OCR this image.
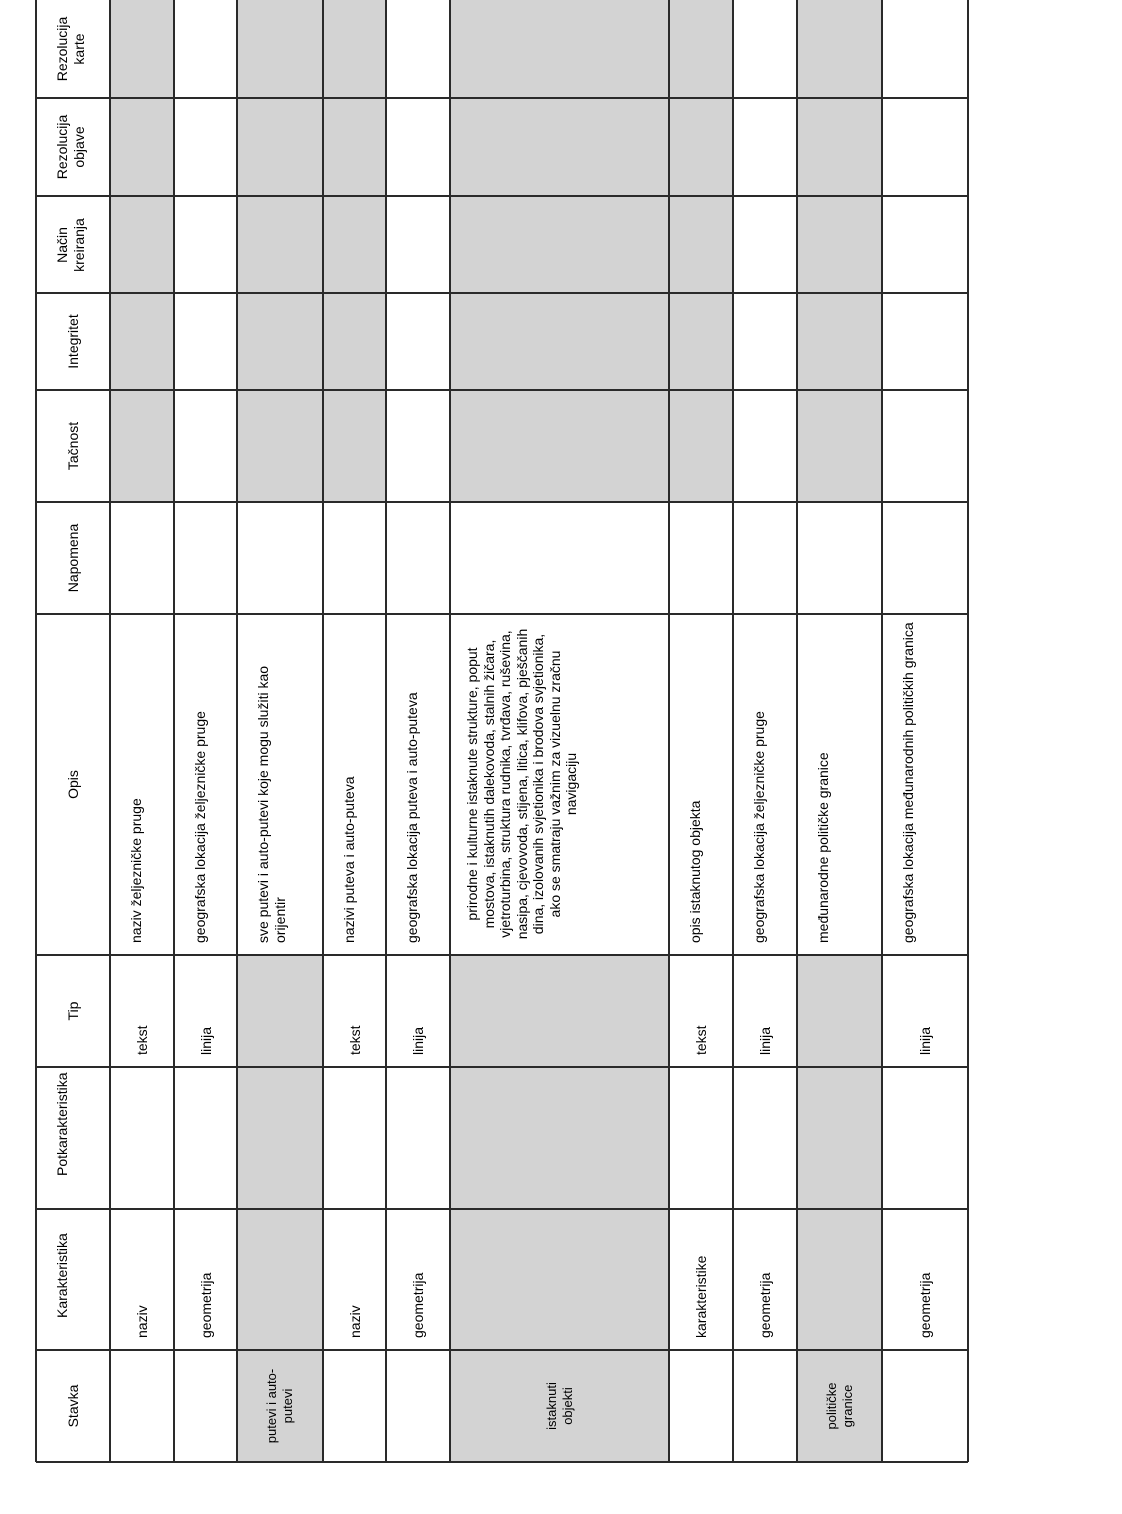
Stavka
Karakteristika
Potkarakteristika
Tip
Opis
Napomena
Tačnost
Integritet
Način kreiranja
Rezolucija objave
Rezolucija karte
naziv
tekst
naziv željezničke pruge
geometrija
linija
geografska lokacija željezničke pruge
putevi i auto-putevi
sve putevi i auto-putevi koje mogu služiti kao orijentir
naziv
tekst
nazivi puteva i auto-puteva
geometrija
linija
geografska lokacija puteva i auto-puteva
istaknuti objekti
prirodne i kulturne istaknute strukture, poput mostova, istaknutih dalekovoda, stalnih žičara, vjetroturbina, struktura rudnika, tvrđava, ruševina, nasipa, cjevovoda, stijena, litica, klifova, pješčanih dina, izolovanih svjetionika i brodova svjetionika, ako se smatraju važnim za vizuelnu zračnu navigaciju
karakteristike
tekst
opis istaknutog objekta
geometrija
linija
geografska lokacija željezničke pruge
političke granice
međunarodne političke granice
geometrija
linija
geografska lokacija međunarodnih političkih granica
